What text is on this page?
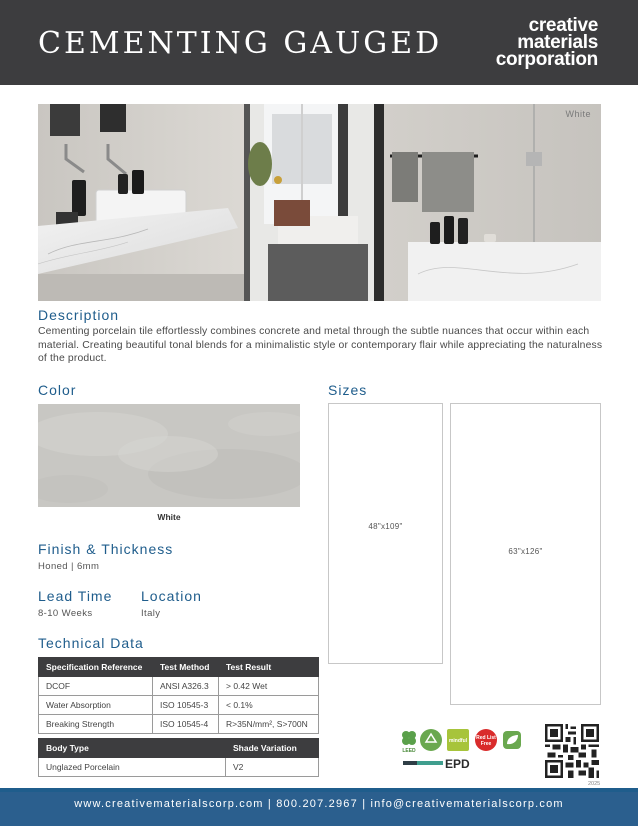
CEMENTING GAUGED
creative
materials
corporation
White
Description
Cementing porcelain tile effortlessly combines concrete and metal through the subtle nuances that occur within each material. Creating beautiful tonal blends for a minimalistic style or contemporary flair while appreciating the naturalness of the product.
Color
White
Finish & Thickness
Honed | 6mm
Lead Time
8-10 Weeks
Location
Italy
Technical Data
Specification Reference	Test Method	Test Result
DCOF	ANSI A326.3	> 0.42 Wet
Water Absorption	ISO 10545-3	< 0.1%
Breaking Strength	ISO 10545-4	R>35N/mm², S>700N
Body Type	Shade Variation
Unglazed Porcelain	V2
Sizes
48"x109"
63"x126"
LEED
mindful Red List
Free
EPD
2025
www.creativematerialscorp.com | 800.207.2967 | info@creativematerialscorp.com
